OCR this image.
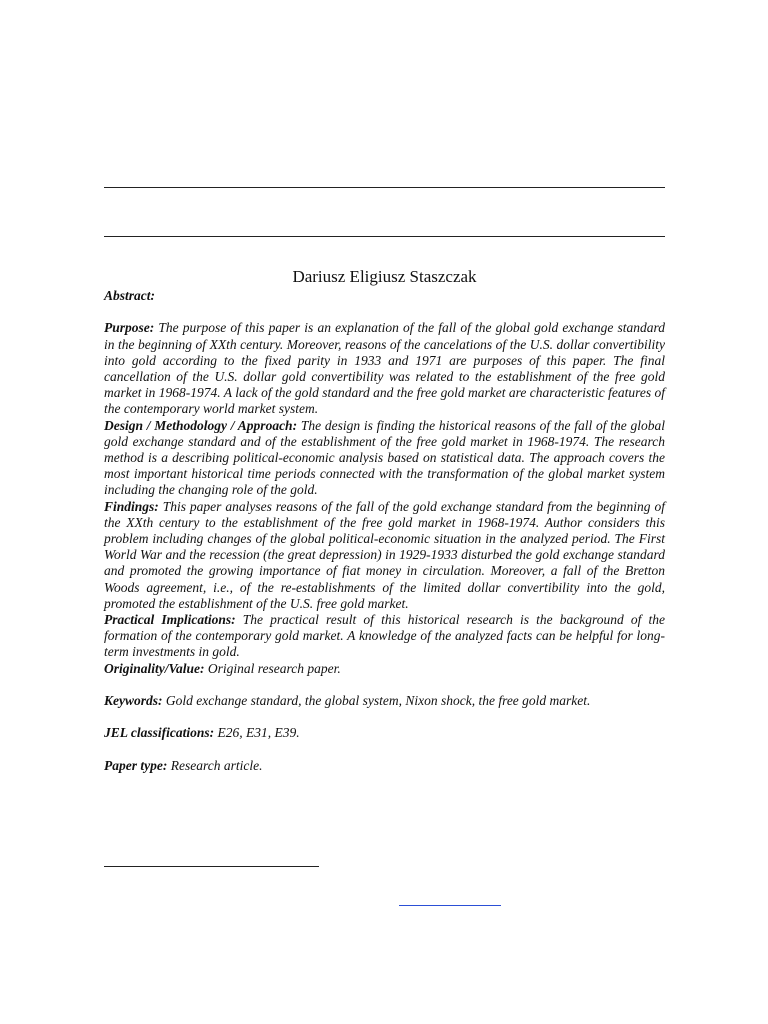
Dariusz Eligiusz Staszczak

Abstract:

Purpose: The purpose of this paper is an explanation of the fall of the global gold exchange standard in the beginning of XXth century. Moreover, reasons of the cancelations of the U.S. dollar convertibility into gold according to the fixed parity in 1933 and 1971 are purposes of this paper. The final cancellation of the U.S. dollar gold convertibility was related to the establishment of the free gold market in 1968-1974. A lack of the gold standard and the free gold market are characteristic features of the contemporary world market system.

Design / Methodology / Approach: The design is finding the historical reasons of the fall of the global gold exchange standard and of the establishment of the free gold market in 1968-1974. The research method is a describing political-economic analysis based on statistical data. The approach covers the most important historical time periods connected with the transformation of the global market system including the changing role of the gold.

Findings: This paper analyses reasons of the fall of the gold exchange standard from the beginning of the XXth century to the establishment of the free gold market in 1968-1974. Author considers this problem including changes of the global political-economic situation in the analyzed period. The First World War and the recession (the great depression) in 1929-1933 disturbed the gold exchange standard and promoted the growing importance of fiat money in circulation. Moreover, a fall of the Bretton Woods agreement, i.e., of the re-establishments of the limited dollar convertibility into the gold, promoted the establishment of the U.S. free gold market.

Practical Implications: The practical result of this historical research is the background of the formation of the contemporary gold market. A knowledge of the analyzed facts can be helpful for long-term investments in gold.

Originality/Value: Original research paper.

Keywords: Gold exchange standard, the global system, Nixon shock, the free gold market.

JEL classifications: E26, E31, E39.

Paper type: Research article.
